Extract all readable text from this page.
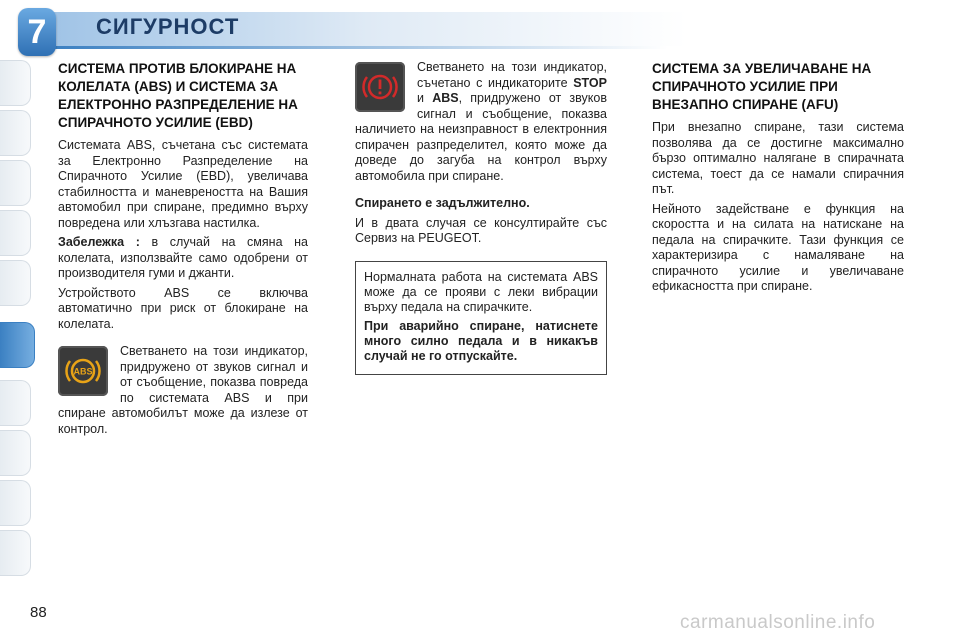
7	СИГУРНОСТ
СИСТЕМА ПРОТИВ БЛОКИРАНЕ НА КОЛЕЛАТА (ABS) И СИСТЕМА ЗА ЕЛЕКТРОННО РАЗПРЕДЕЛЕНИЕ НА СПИРАЧНОТО УСИЛИЕ (EBD)

Системата ABS, съчетана със системата за Електронно Разпределение на Спирачното Усилие (EBD), увеличава стабилността и маневреността на Вашия автомобил при спиране, предимно върху повредена или хлъзгава настилка.

Забележка : в случай на смяна на колелата, използвайте само одобрени от производителя гуми и джанти.

Устройството ABS се включва автоматично при риск от блокиране на колелата.

ABS

Светването на този индикатор, придружено от звуков сигнал и от съобщение, показва повреда по системата ABS и при спиране автомобилът може да излезе от контрол.

Светването на този индикатор, съчетано с индикаторите STOP и ABS, придружено от звуков сигнал и съобщение, показва наличието на неизправност в електронния спирачен разпределител, която може да доведе до загуба на контрол върху автомобила при спиране.

Спирането е задължително.

И в двата случая се консултирайте със Сервиз на PEUGEOT.

Нормалната работа на системата ABS може да се прояви с леки вибрации върху педала на спирачките.

При аварийно спиране, натиснете много силно педала и в никакъв случай не го отпускайте.

СИСТЕМА ЗА УВЕЛИЧАВАНЕ НА СПИРАЧНОТО УСИЛИЕ ПРИ ВНЕЗАПНО СПИРАНЕ (AFU)

При внезапно спиране, тази система позволява да се достигне максимално бързо оптимално налягане в спирачната система, тоест да се намали спирачния път.

Нейното задействане е функция на скоростта и на силата на натискане на педала на спирачките. Тази функция се характеризира с намаляване на спирачното усилие и увеличаване ефикасността при спиране.

88	carmanualsonline.info
